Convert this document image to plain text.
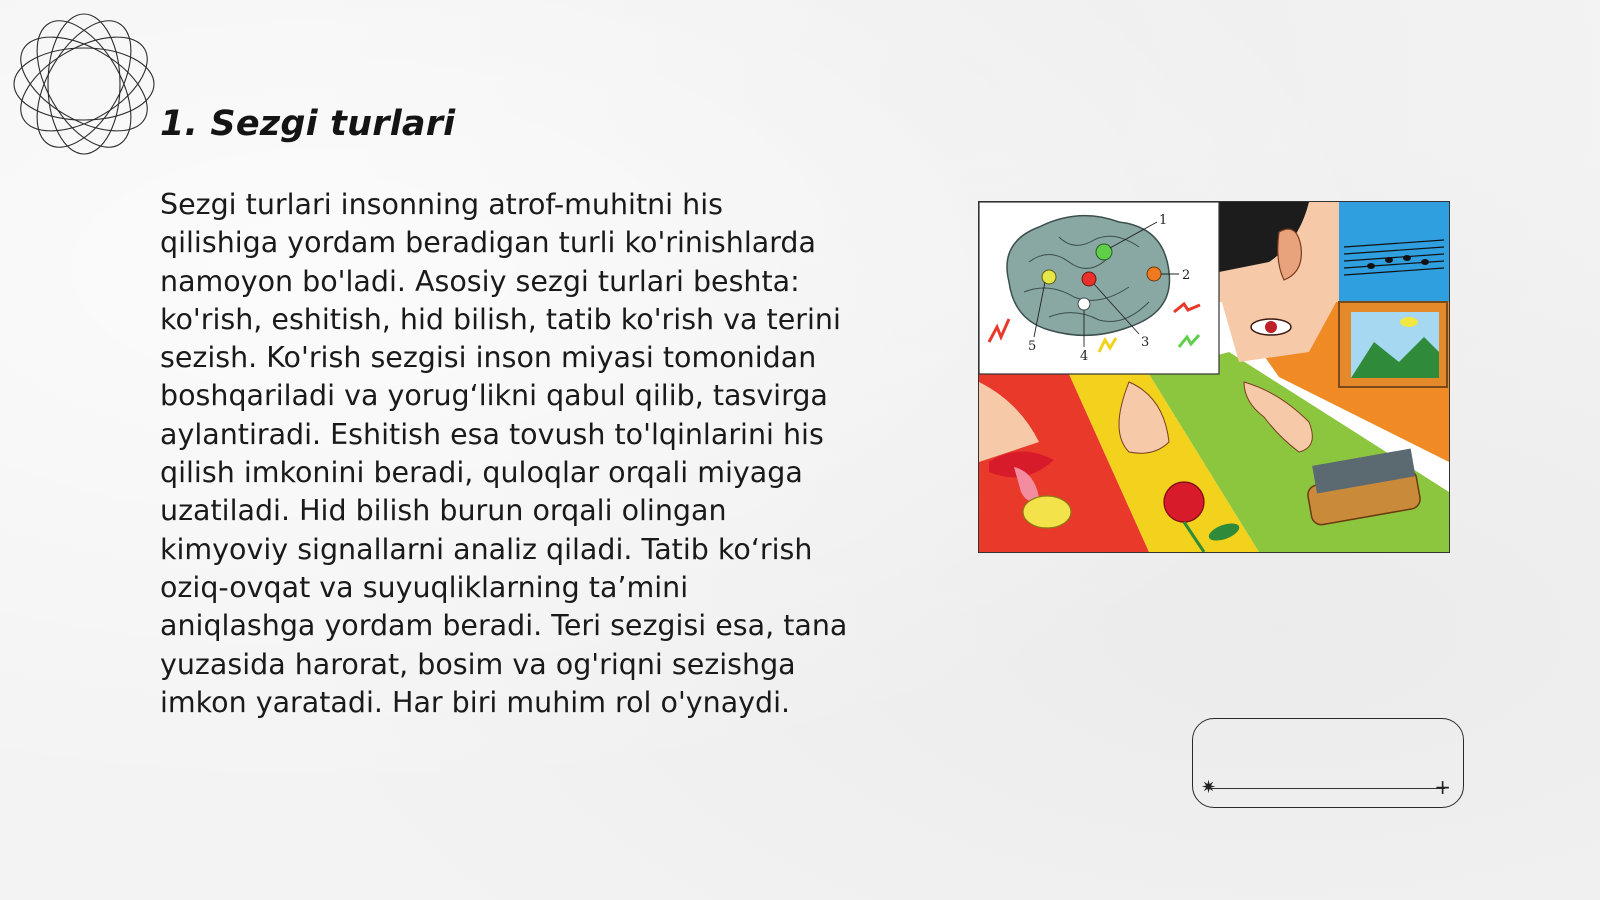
1. Sezgi turlari

Sezgi turlari insonning atrof-muhitni his qilishiga yordam beradigan turli ko'rinishlarda namoyon bo'ladi. Asosiy sezgi turlari beshta: ko'rish, eshitish, hid bilish, tatib ko'rish va terini sezish. Ko'rish sezgisi inson miyasi tomonidan boshqariladi va yorug‘likni qabul qilib, tasvirga aylantiradi. Eshitish esa tovush to'lqinlarini his qilish imkonini beradi, quloqlar orqali miyaga uzatiladi. Hid bilish burun orqali olingan kimyoviy signallarni analiz qiladi. Tatib ko‘rish oziq-ovqat va suyuqliklarning ta’mini aniqlashga yordam beradi. Teri sezgisi esa, tana yuzasida harorat, bosim va og'riqni sezishga imkon yaratadi. Har biri muhim rol o'ynaydi.

1
2
3
4
5
✷	+
